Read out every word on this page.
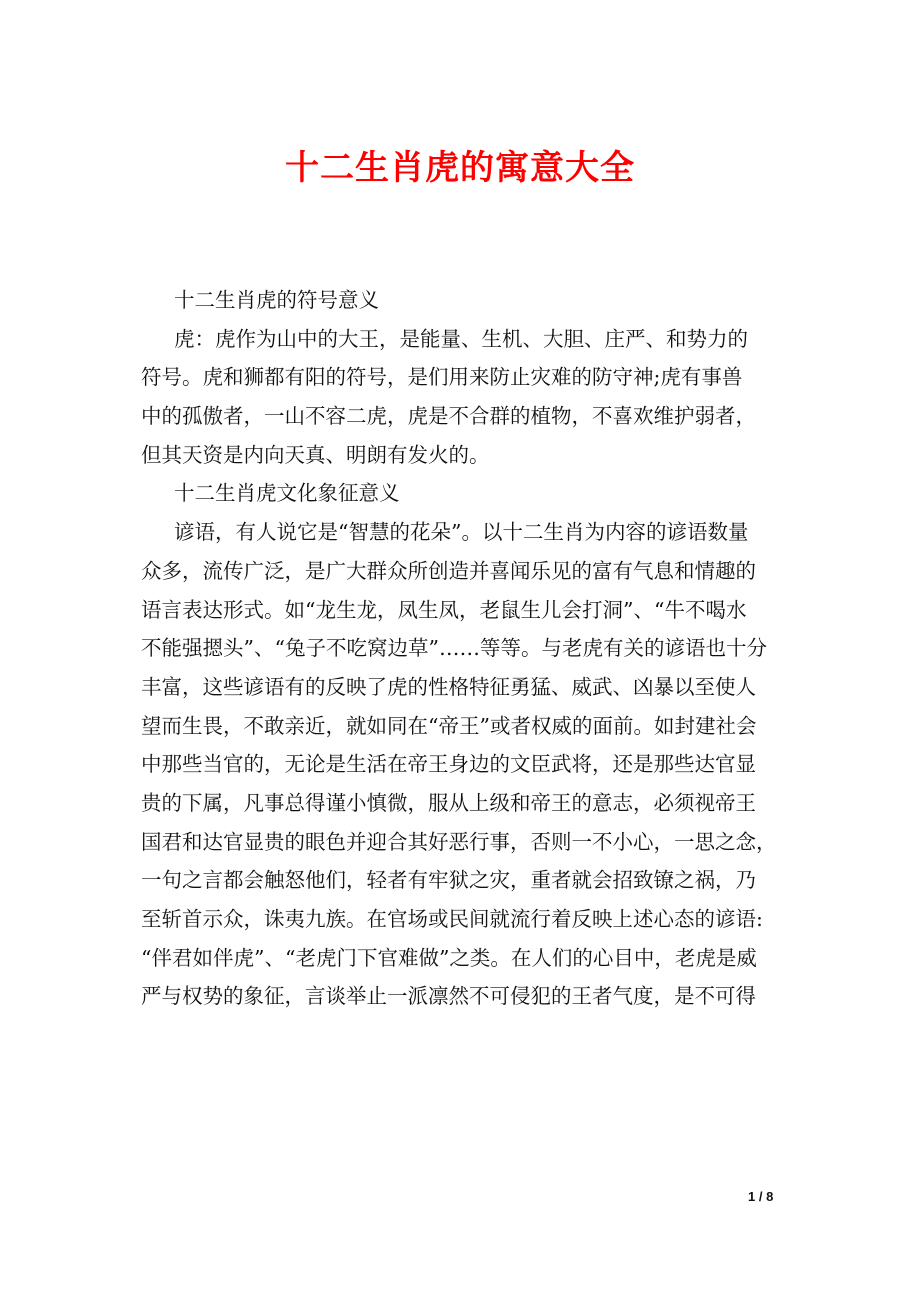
十二生肖虎的寓意大全
十二生肖虎的符号意义
虎：虎作为山中的大王，是能量、生机、大胆、庄严、和势力的
符号。虎和狮都有阳的符号，是们用来防止灾难的防守神;虎有事兽
中的孤傲者，一山不容二虎，虎是不合群的植物，不喜欢维护弱者，
但其天资是内向天真、明朗有发火的。
十二生肖虎文化象征意义
谚语，有人说它是“智慧的花朵”。以十二生肖为内容的谚语数量
众多，流传广泛，是广大群众所创造并喜闻乐见的富有气息和情趣的
语言表达形式。如“龙生龙，凤生凤，老鼠生儿会打洞”、“牛不喝水
不能强摁头”、“兔子不吃窝边草”……等等。与老虎有关的谚语也十分
丰富，这些谚语有的反映了虎的性格特征勇猛、威武、凶暴以至使人
望而生畏，不敢亲近，就如同在“帝王”或者权威的面前。如封建社会
中那些当官的，无论是生活在帝王身边的文臣武将，还是那些达官显
贵的下属，凡事总得谨小慎微，服从上级和帝王的意志，必须视帝王
国君和达官显贵的眼色并迎合其好恶行事，否则一不小心，一思之念，
一句之言都会触怒他们，轻者有牢狱之灾，重者就会招致镣之祸，乃
至斩首示众，诛夷九族。在官场或民间就流行着反映上述心态的谚语:
“伴君如伴虎”、“老虎门下官难做”之类。在人们的心目中，老虎是威
严与权势的象征，言谈举止一派凛然不可侵犯的王者气度，是不可得
1 / 8
